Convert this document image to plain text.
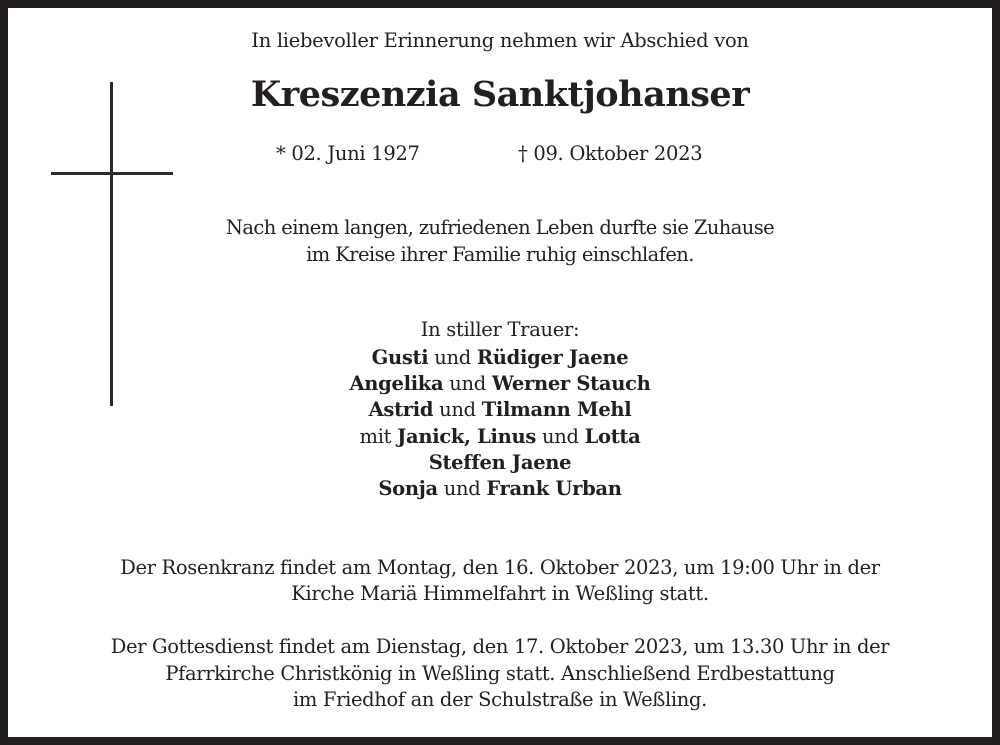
In liebevoller Erinnerung nehmen wir Abschied von
Kreszenzia Sanktjohanser
* 02. Juni 1927	† 09. Oktober 2023
Nach einem langen, zufriedenen Leben durfte sie Zuhause
im Kreise ihrer Familie ruhig einschlafen.
In stiller Trauer:
Gusti und Rüdiger Jaene
Angelika und Werner Stauch
Astrid und Tilmann Mehl
mit Janick, Linus und Lotta
Steffen Jaene
Sonja und Frank Urban
Der Rosenkranz findet am Montag, den 16. Oktober 2023, um 19:00 Uhr in der
Kirche Mariä Himmelfahrt in Weßling statt.
Der Gottesdienst findet am Dienstag, den 17. Oktober 2023, um 13.30 Uhr in der
Pfarrkirche Christkönig in Weßling statt. Anschließend Erdbestattung
im Friedhof an der Schulstraße in Weßling.
